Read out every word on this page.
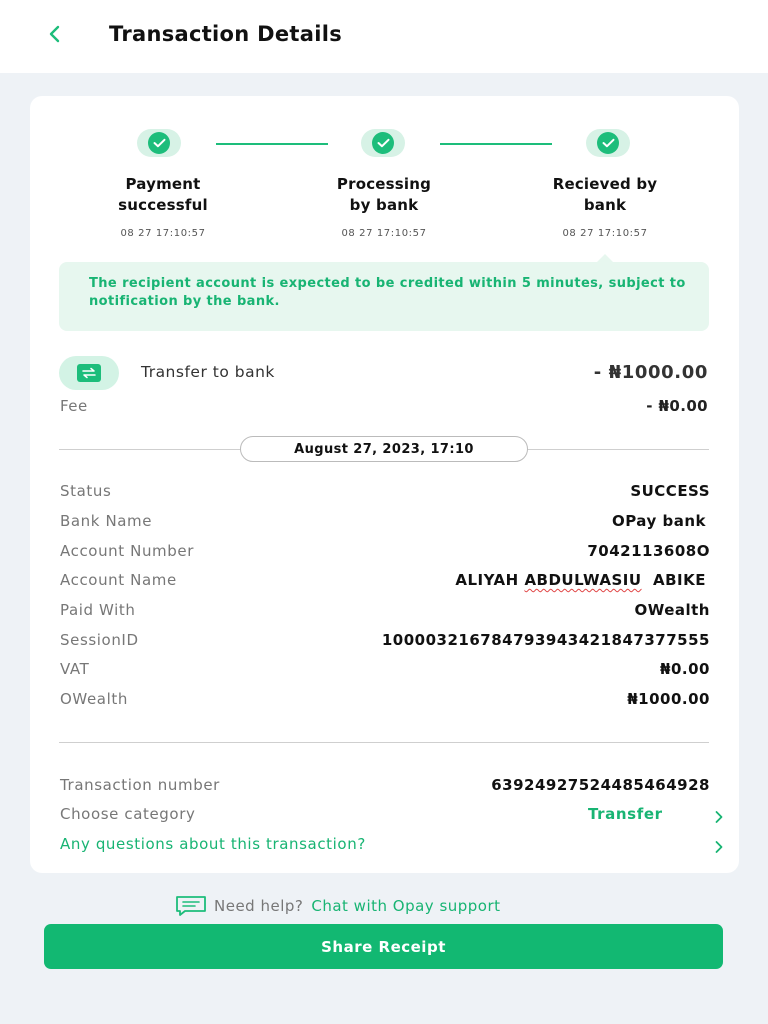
Transaction Details
Payment
successful
Processing
by bank
Recieved by
bank
08 27 17:10:57	08 27 17:10:57	08 27 17:10:57
The recipient account is expected to be credited within 5 minutes, subject to notification by the bank.
Transfer to bank	- ₦1000.00
Fee	- ₦0.00
August 27, 2023, 17:10
Status	SUCCESS
Bank Name	OPay bank
Account Number	7042113608O
Account Name	ALIYAH ABDULWASIU  ABIKE
Paid With	OWealth
SessionID	100003216784793943421847377555
VAT	₦0.00
OWealth	₦1000.00
Transaction number	63924927524485464928
Choose category	Transfer
Any questions about this transaction?
Need help? Chat with Opay support
Share Receipt
